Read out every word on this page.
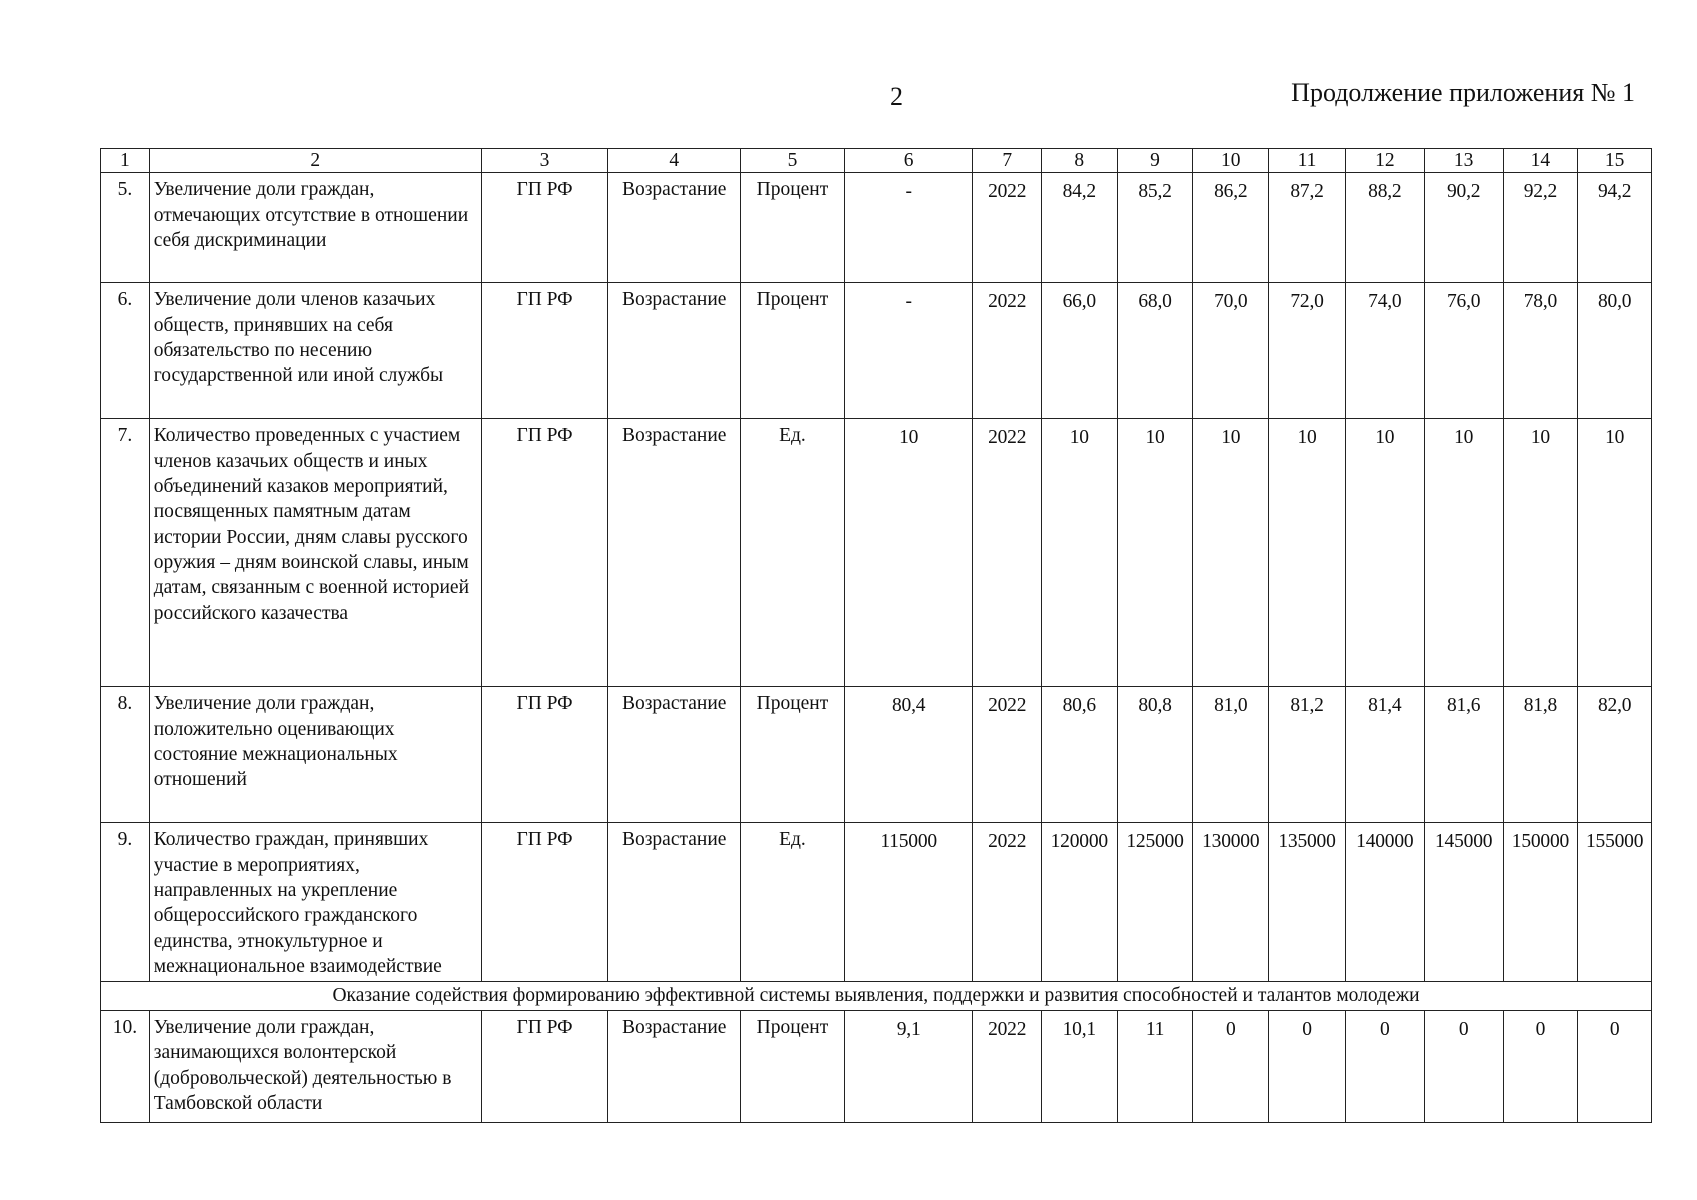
2	Продолжение приложения № 1
1	2	3	4	5	6	7	8	9	10	11	12	13	14	15
5.	Увеличение доли граждан, отмечающих отсутствие в отношении себя дискриминации	ГП РФ	Возрастание	Процент	-	2022	84,2	85,2	86,2	87,2	88,2	90,2	92,2	94,2
6.	Увеличение доли членов казачьих обществ, принявших на себя обязательство по несению государственной или иной службы	ГП РФ	Возрастание	Процент	-	2022	66,0	68,0	70,0	72,0	74,0	76,0	78,0	80,0
7.	Количество проведенных с участием членов казачьих обществ и иных объединений казаков мероприятий, посвященных памятным датам истории России, дням славы русского оружия – дням воинской славы, иным датам, связанным с военной историей российского казачества	ГП РФ	Возрастание	Ед.	10	2022	10	10	10	10	10	10	10	10
8.	Увеличение доли граждан, положительно оценивающих состояние межнациональных отношений	ГП РФ	Возрастание	Процент	80,4	2022	80,6	80,8	81,0	81,2	81,4	81,6	81,8	82,0
9.	Количество граждан, принявших участие в мероприятиях, направленных на укрепление общероссийского гражданского единства, этнокультурное и межнациональное взаимодействие	ГП РФ	Возрастание	Ед.	115000	2022	120000	125000	130000	135000	140000	145000	150000	155000
Оказание содействия формированию эффективной системы выявления, поддержки и развития способностей и талантов молодежи														
10.	Увеличение доли граждан, занимающихся волонтерской (добровольческой) деятельностью в Тамбовской области	ГП РФ	Возрастание	Процент	9,1	2022	10,1	11	0	0	0	0	0	0
